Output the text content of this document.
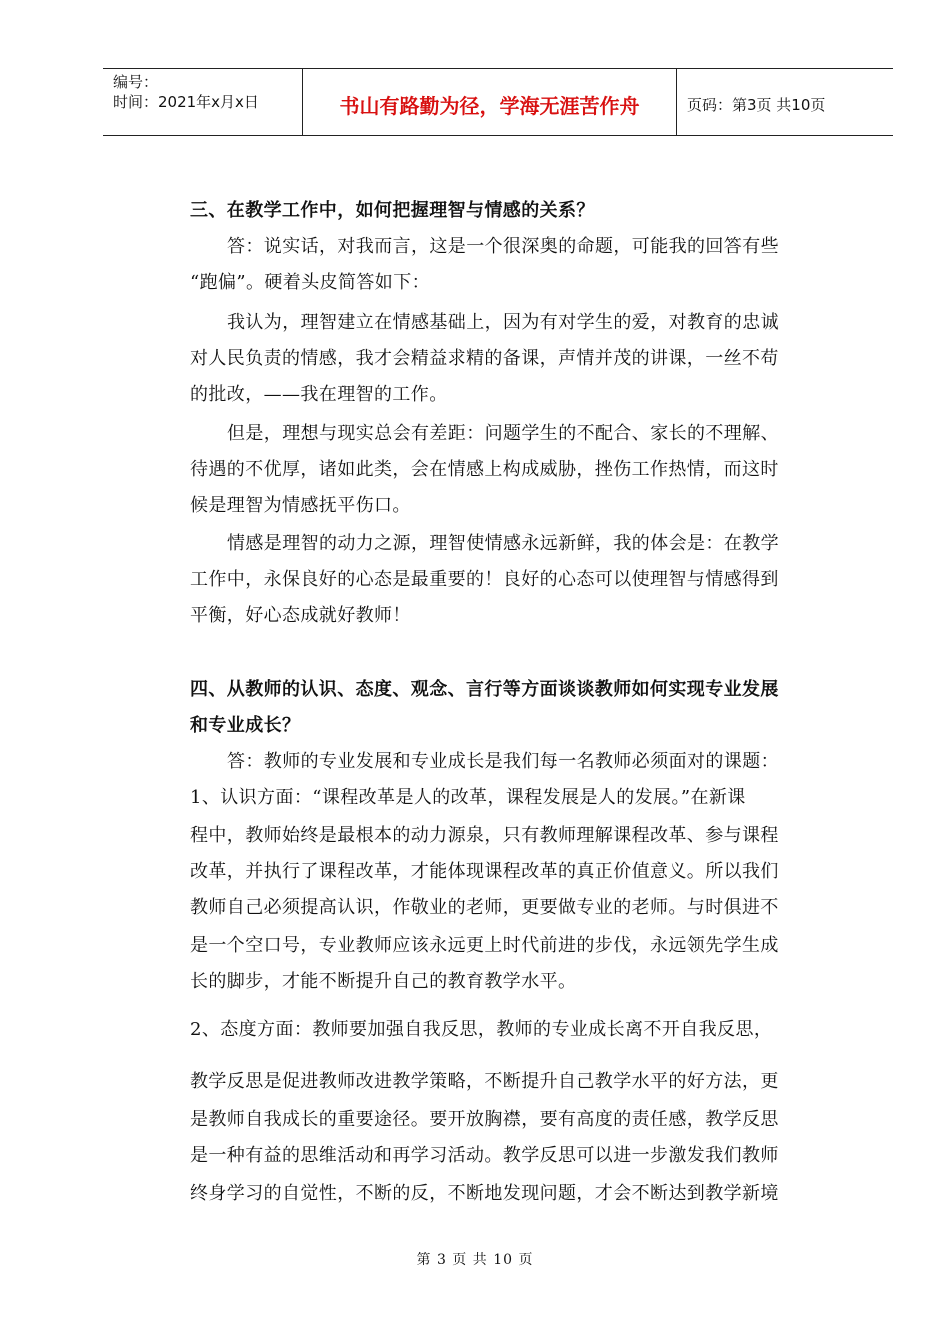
编号：
时间：2021年x月x日	书山有路勤为径，学海无涯苦作舟	页码：第3页 共10页
三、在教学工作中，如何把握理智与情感的关系？
答：说实话，对我而言，这是一个很深奥的命题，可能我的回答有些
“跑偏”。硬着头皮简答如下：
我认为，理智建立在情感基础上，因为有对学生的爱，对教育的忠诚
对人民负责的情感，我才会精益求精的备课，声情并茂的讲课，一丝不苟
的批改，——我在理智的工作。
但是，理想与现实总会有差距：问题学生的不配合、家长的不理解、
待遇的不优厚，诸如此类，会在情感上构成威胁，挫伤工作热情，而这时
候是理智为情感抚平伤口。
情感是理智的动力之源，理智使情感永远新鲜，我的体会是：在教学
工作中，永保良好的心态是最重要的！良好的心态可以使理智与情感得到
平衡，好心态成就好教师！
四、从教师的认识、态度、观念、言行等方面谈谈教师如何实现专业发展
和专业成长？
答：教师的专业发展和专业成长是我们每一名教师必须面对的课题：
1、认识方面：“课程改革是人的改革，课程发展是人的发展。”在新课
程中，教师始终是最根本的动力源泉，只有教师理解课程改革、参与课程
改革，并执行了课程改革，才能体现课程改革的真正价值意义。所以我们
教师自己必须提高认识，作敬业的老师，更要做专业的老师。与时俱进不
是一个空口号，专业教师应该永远更上时代前进的步伐，永远领先学生成
长的脚步，才能不断提升自己的教育教学水平。
2、态度方面：教师要加强自我反思，教师的专业成长离不开自我反思，
教学反思是促进教师改进教学策略，不断提升自己教学水平的好方法，更
是教师自我成长的重要途径。要开放胸襟，要有高度的责任感，教学反思
是一种有益的思维活动和再学习活动。教学反思可以进一步激发我们教师
终身学习的自觉性，不断的反，不断地发现问题，才会不断达到教学新境
第 3 页 共 10 页
